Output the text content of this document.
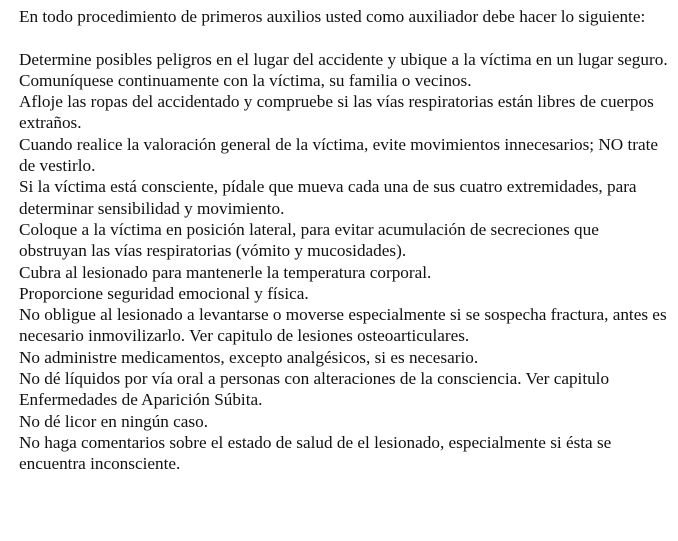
En todo procedimiento de primeros auxilios usted como auxiliador debe hacer lo siguiente:

Determine posibles peligros en el lugar del accidente y ubique a la víctima en un lugar seguro.

Comuníquese continuamente con la víctima, su familia o vecinos.

Afloje las ropas del accidentado y compruebe si las vías respiratorias están libres de cuerpos extraños.

Cuando realice la valoración general de la víctima, evite movimientos innecesarios; NO trate de vestirlo.

Si la víctima está consciente, pídale que mueva cada una de sus cuatro extremidades, para determinar sensibilidad y movimiento.

Coloque a la víctima en posición lateral, para evitar acumulación de secreciones que obstruyan las vías respiratorias (vómito y mucosidades).

Cubra al lesionado para mantenerle la temperatura corporal.

Proporcione seguridad emocional y física.

No obligue al lesionado a levantarse o moverse especialmente si se sospecha fractura, antes es necesario inmovilizarlo. Ver capitulo de lesiones osteoarticulares.

No administre medicamentos, excepto analgésicos, si es necesario.

No dé líquidos por vía oral a personas con alteraciones de la consciencia. Ver capitulo Enfermedades de Aparición Súbita.

No dé licor en ningún caso.

No haga comentarios sobre el estado de salud de el lesionado, especialmente si ésta se encuentra inconsciente.
